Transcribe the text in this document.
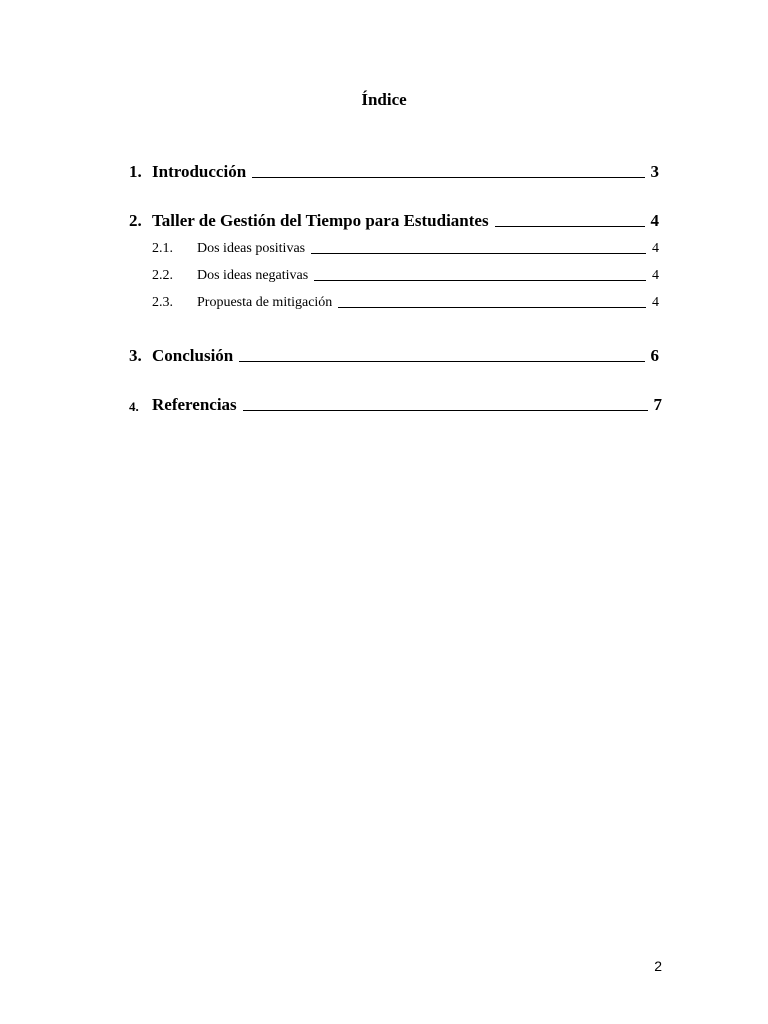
Índice
1. Introducción	3
2. Taller de Gestión del Tiempo para Estudiantes	4
2.1.	Dos ideas positivas	4
2.2.	Dos ideas negativas	4
2.3.	Propuesta de mitigación	4
3. Conclusión	6
4. Referencias	7
2
